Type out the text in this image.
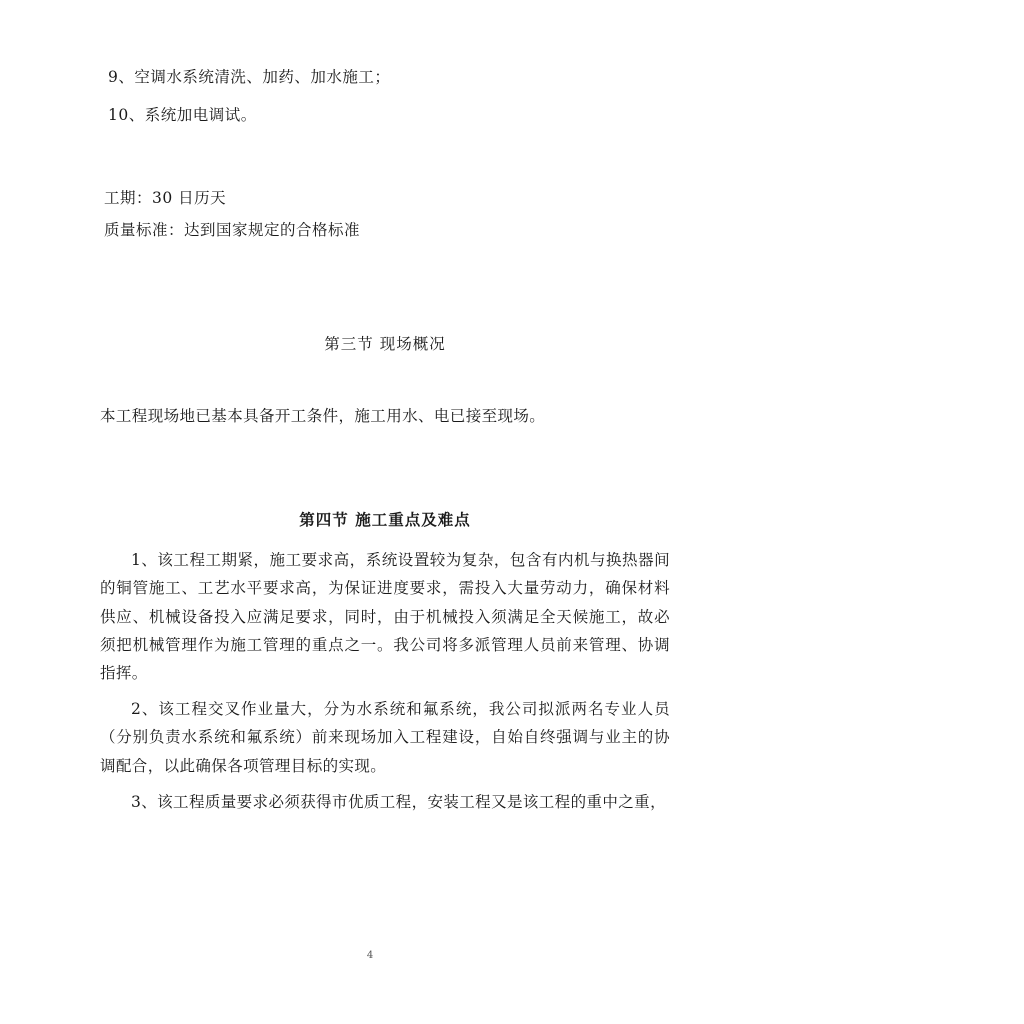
9、空调水系统清洗、加药、加水施工；
10、系统加电调试。
工期：30 日历天
质量标准：达到国家规定的合格标准
第三节 现场概况

本工程现场地已基本具备开工条件，施工用水、电已接至现场。

第四节 施工重点及难点

1、该工程工期紧，施工要求高，系统设置较为复杂，包含有内机与换热器间的铜管施工、工艺水平要求高，为保证进度要求，需投入大量劳动力，确保材料供应、机械设备投入应满足要求，同时，由于机械投入须满足全天候施工，故必须把机械管理作为施工管理的重点之一。我公司将多派管理人员前来管理、协调指挥。

2、该工程交叉作业量大，分为水系统和氟系统，我公司拟派两名专业人员（分别负责水系统和氟系统）前来现场加入工程建设，自始自终强调与业主的协调配合，以此确保各项管理目标的实现。

3、该工程质量要求必须获得市优质工程，安装工程又是该工程的重中之重，

4
